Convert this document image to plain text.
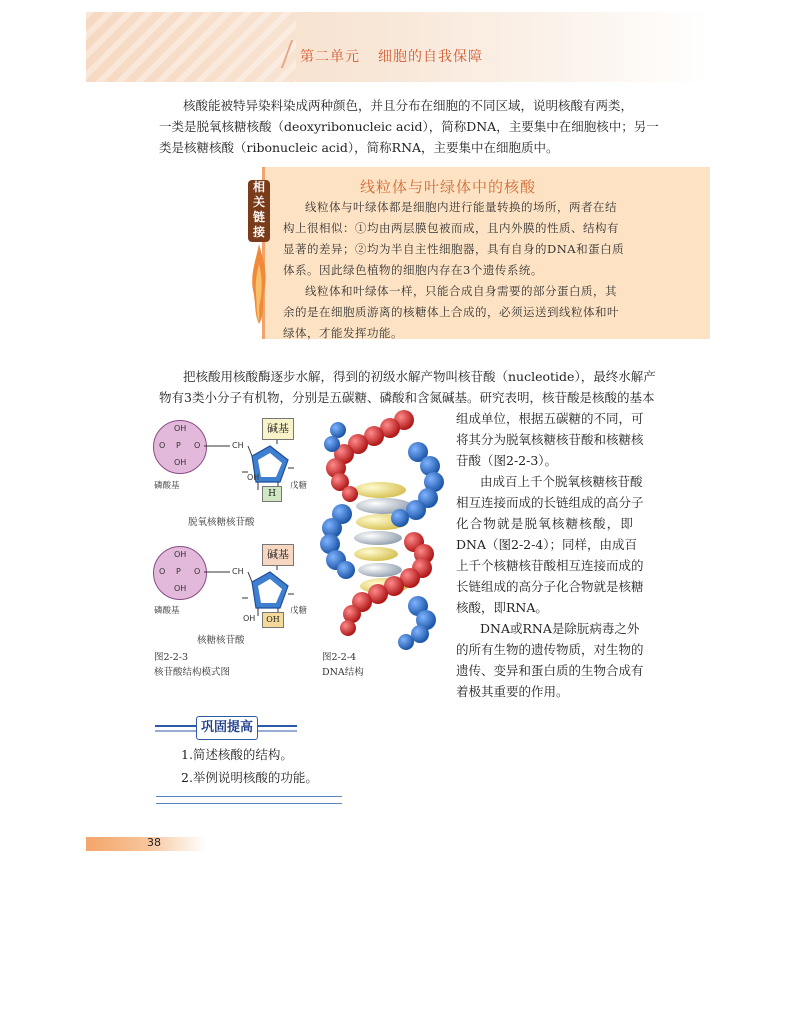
第二单元 细胞的自我保障
核酸能被特异染料染成两种颜色，并且分布在细胞的不同区域，说明核酸有两类，
一类是脱氧核糖核酸（deoxyribonucleic acid），简称DNA，主要集中在细胞核中；另一
类是核糖核酸（ribonucleic acid），简称RNA，主要集中在细胞质中。
相
关
链
接
线粒体与叶绿体中的核酸
线粒体与叶绿体都是细胞内进行能量转换的场所，两者在结
构上很相似：①均由两层膜包被而成，且内外膜的性质、结构有
显著的差异；②均为半自主性细胞器，具有自身的DNA和蛋白质
体系。因此绿色植物的细胞内存在3个遗传系统。
线粒体和叶绿体一样，只能合成自身需要的部分蛋白质，其
余的是在细胞质游离的核糖体上合成的，必须运送到线粒体和叶
绿体，才能发挥功能。
把核酸用核酸酶逐步水解，得到的初级水解产物叫核苷酸（nucleotide），最终水解产
物有3类小分子有机物，分别是五碳糖、磷酸和含氮碱基。研究表明，核苷酸是核酸的基本
组成单位，根据五碳糖的不同，可
将其分为脱氧核糖核苷酸和核糖核
苷酸（图2-2-3）。
由成百上千个脱氧核糖核苷酸
相互连接而成的长链组成的高分子
化合物就是脱氧核糖核酸，即
DNA（图2-2-4）；同样，由成百
上千个核糖核苷酸相互连接而成的
长链组成的高分子化合物就是核糖
核酸，即RNA。
DNA或RNA是除朊病毒之外
的所有生物的遗传物质，对生物的
遗传、变异和蛋白质的生物合成有
着极其重要的作用。
OH
O P O
OH
CH
碱基
OH
H
磷酸基	戊糖
脱氧核糖核苷酸
OH
O P O
OH
CH
碱基
OH	OH
磷酸基	戊糖
核糖核苷酸
图2-2-3
核苷酸结构模式图
图2-2-4
DNA结构
巩固提高
1.简述核酸的结构。
2.举例说明核酸的功能。
38
